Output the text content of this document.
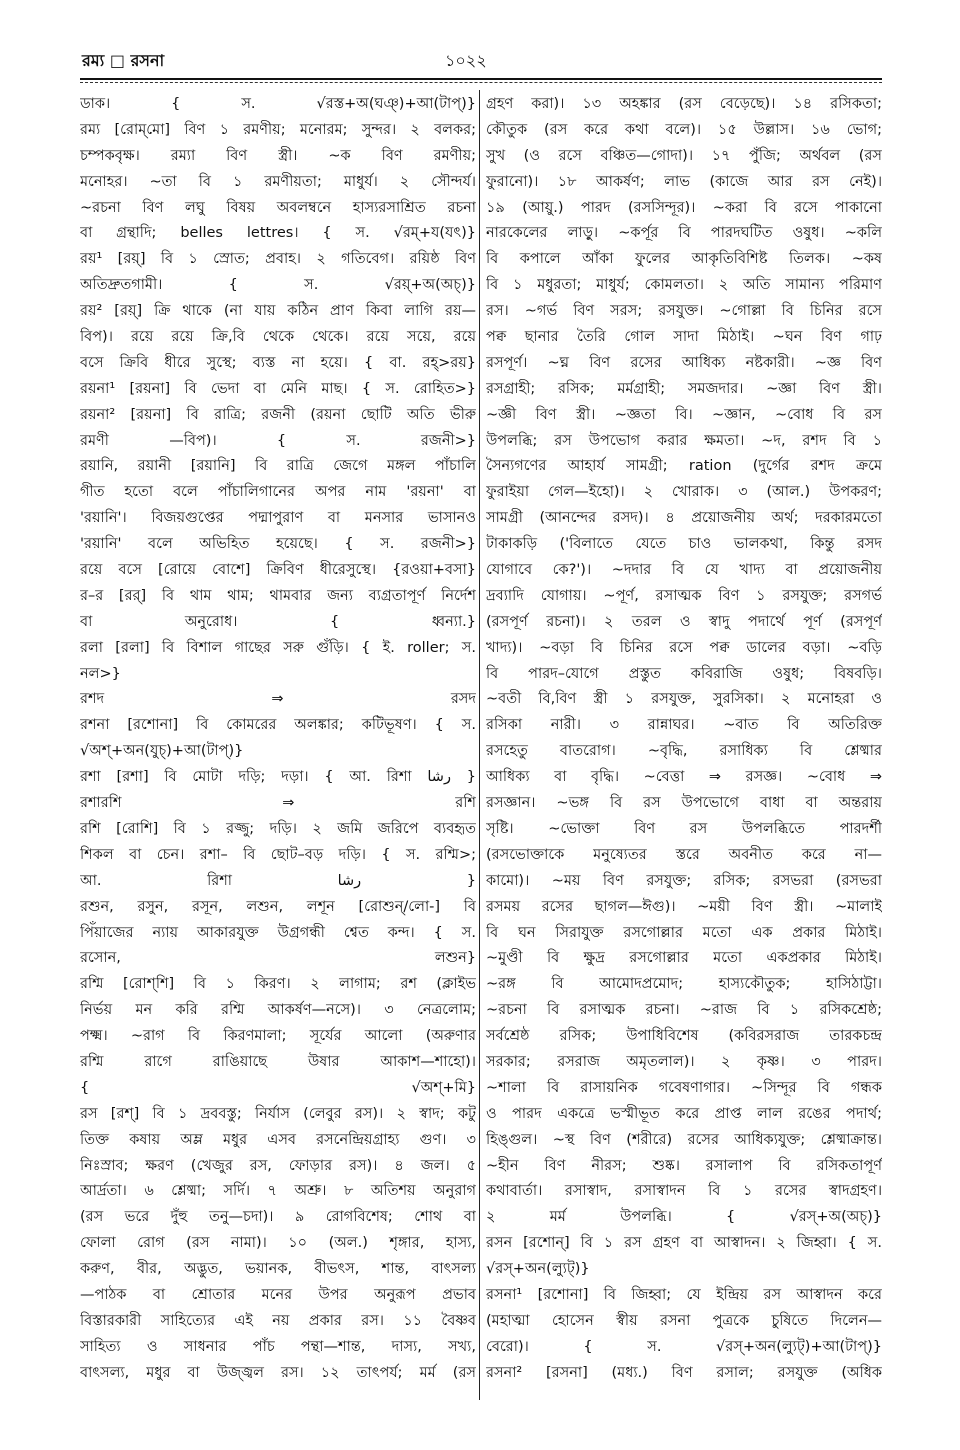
রম্য □ রসনা	১০২২
ডাক। { স. √রস্ত+অ(ঘঞ্)+আ(টাপ্)}
রম্য [রোম্‌মো] বিণ ১ রমণীয়; মনোরম; সুন্দর। ২ বলকর;
চম্পকবৃক্ষ। রম্যা বিণ স্ত্রী। ~ক বিণ রমণীয়;
মনোহর। ~তা বি ১ রমণীয়তা; মাধুর্য। ২ সৌন্দর্য।
~রচনা বিণ লঘু বিষয় অবলম্বনে হাস্যরসাশ্রিত রচনা
বা গ্রন্থাদি; belles lettres। { স. √রম্+য(যৎ)}
রয়¹ [রয়্] বি ১ স্রোত; প্রবাহ। ২ গতিবেগ। রয়িষ্ঠ বিণ
অতিদ্রুতগামী। { স. √রয়্+অ(অচ্)}
রয়² [রয়্] ক্রি থাকে (না যায় কঠিন প্রাণ কিবা লাগি রয়—
বিপ)। রয়ে রয়ে ক্রি,বি থেকে থেকে। রয়ে সয়ে, রয়ে
বসে ক্রিবি ধীরে সুস্থে; ব্যস্ত না হয়ে। { বা. রহ্>রয়}
রয়না¹ [রয়না] বি ভেদা বা মেনি মাছ। { স. রোহিত>}
রয়না² [রয়না] বি রাত্রি; রজনী (রয়না ছোটি অতি ভীরু
রমণী —বিপ)। { স. রজনী>}
রয়ানি, রয়ানী [রয়ানি] বি রাত্রি জেগে মঙ্গল পাঁচালি
গীত হতো বলে পাঁচালিগানের অপর নাম 'রয়না' বা
'রয়ানি'। বিজয়গুপ্তের পদ্মাপুরাণ বা মনসার ভাসানও
'রয়ানি' বলে অভিহিত হয়েছে। { স. রজনী>}
রয়ে বসে [রোয়ে বোশে] ক্রিবিণ ধীরেসুস্থে। {রওয়া+বসা}
র–র [রর্] বি থাম থাম; থামবার জন্য ব্যগ্রতাপূর্ণ নির্দেশ
বা অনুরোধ। { ধ্বন্যা.}
রলা [রলা] বি বিশাল গাছের সরু গুঁড়ি। { ই. roller; স.
নল>}
রশদ ⇒ রসদ
রশনা [রশোনা] বি কোমরের অলঙ্কার; কটিভূষণ। { স.
√অশ্+অন(যুচ্)+আ(টাপ্)}
রশা [রশা] বি মোটা দড়ি; দড়া। { আ. রিশা رشا }
রশারশি ⇒ রশি
রশি [রোশি] বি ১ রজ্জু; দড়ি। ২ জমি জরিপে ব্যবহৃত
শিকল বা চেন। রশা– বি ছোট–বড় দড়ি। { স. রশ্মি>;
আ. রিশা رشا }
রশুন, রসুন, রসূন, লশুন, লশূন [রোশুন্/লো-] বি
পিঁয়াজের ন্যায় আকারযুক্ত উগ্রগন্ধী শ্বেত কন্দ। { স.
রসোন, লশুন}
রশ্মি [রোশ্‌শি] বি ১ কিরণ। ২ লাগাম; রশ (ক্লাইভ
নির্ভয় মন করি রশ্মি আকর্ষণ—নসে)। ৩ নেত্রলোম;
পক্ষ্ম। ~রাগ বি কিরণমালা; সূর্যের আলো (অরুণার
রশ্মি রাগে রাঙিয়াছে উষার আকাশ—শাহো)।
{ √অশ্+মি}
রস [রশ্] বি ১ দ্রববস্তু; নির্যাস (লেবুর রস)। ২ স্বাদ; কটু
তিক্ত কষায় অম্ল মধুর এসব রসনেন্দ্রিয়গ্রাহ্য গুণ। ৩
নিঃস্রাব; ক্ষরণ (খেজুর রস, ফোড়ার রস)। ৪ জল। ৫
আর্দ্রতা। ৬ শ্লেষ্মা; সর্দি। ৭ অশ্রু। ৮ অতিশয় অনুরাগ
(রস ভরে দুঁহু তনু—চদা)। ৯ রোগবিশেষ; শোথ বা
ফোলা রোগ (রস নামা)। ১০ (অল.) শৃঙ্গার, হাস্য,
করুণ, বীর, অদ্ভুত, ভয়ানক, বীভৎস, শান্ত, বাৎসল্য
—পাঠক বা শ্রোতার মনের উপর অনুরূপ প্রভাব
বিস্তারকারী সাহিত্যের এই নয় প্রকার রস। ১১ বৈষ্ণব
সাহিত্য ও সাধনার পাঁচ পন্থা—শান্ত, দাস্য, সখ্য,
বাৎসল্য, মধুর বা উজ্জ্বল রস। ১২ তাৎপর্য; মর্ম (রস
গ্রহণ করা)। ১৩ অহঙ্কার (রস বেড়েছে)। ১৪ রসিকতা;
কৌতুক (রস করে কথা বলে)। ১৫ উল্লাস। ১৬ ভোগ;
সুখ (ও রসে বঞ্চিত—গোদা)। ১৭ পুঁজি; অর্থবল (রস
ফুরানো)। ১৮ আকর্ষণ; লাভ (কাজে আর রস নেই)।
১৯ (আয়ু.) পারদ (রসসিন্দূর)। ~করা বি রসে পাকানো
নারকেলের লাড়ু। ~কর্পূর বি পারদঘটিত ওষুধ। ~কলি
বি কপালে আঁকা ফুলের আকৃতিবিশিষ্ট তিলক। ~কষ
বি ১ মধুরতা; মাধুর্য; কোমলতা। ২ অতি সামান্য পরিমাণ
রস। ~গর্ভ বিণ সরস; রসযুক্ত। ~গোল্লা বি চিনির রসে
পক্ব ছানার তৈরি গোল সাদা মিঠাই। ~ঘন বিণ গাঢ়
রসপূর্ণ। ~ঘ্ন বিণ রসের আধিক্য নষ্টকারী। ~জ্ঞ বিণ
রসগ্রাহী; রসিক; মর্মগ্রাহী; সমজদার। ~জ্ঞা বিণ স্ত্রী।
~জ্ঞী বিণ স্ত্রী। ~জ্ঞতা বি। ~জ্ঞান, ~বোধ বি রস
উপলব্ধি; রস উপভোগ করার ক্ষমতা। ~দ, রশদ বি ১
সৈন্যগণের আহার্য সামগ্রী; ration (দুর্গের রশদ ক্রমে
ফুরাইয়া গেল—ইহো)। ২ খোরাক। ৩ (আল.) উপকরণ;
সামগ্রী (আনন্দের রসদ)। ৪ প্রয়োজনীয় অর্থ; দরকারমতো
টাকাকড়ি ('বিলাতে যেতে চাও ভালকথা, কিন্তু রসদ
যোগাবে কে?')। ~দদার বি যে খাদ্য বা প্রয়োজনীয়
দ্রব্যাদি যোগায়। ~পূর্ণ, রসাত্মক বিণ ১ রসযুক্ত; রসগর্ভ
(রসপূর্ণ রচনা)। ২ তরল ও স্বাদু পদার্থে পূর্ণ (রসপূর্ণ
খাদ্য)। ~বড়া বি চিনির রসে পক্ব ডালের বড়া। ~বড়ি
বি পারদ–যোগে প্রস্তুত কবিরাজি ওষুধ; বিষবড়ি।
~বতী বি,বিণ স্ত্রী ১ রসযুক্ত, সুরসিকা। ২ মনোহরা ও
রসিকা নারী। ৩ রান্নাঘর। ~বাত বি অতিরিক্ত
রসহেতু বাতরোগ। ~বৃদ্ধি, রসাধিক্য বি শ্লেষ্মার
আধিক্য বা বৃদ্ধি। ~বেত্তা ⇒ রসজ্ঞ। ~বোধ ⇒
রসজ্ঞান। ~ভঙ্গ বি রস উপভোগে বাধা বা অন্তরায়
সৃষ্টি। ~ভোক্তা বিণ রস উপলব্ধিতে পারদর্শী
(রসভোক্তাকে মনুষ্যেতর স্তরে অবনীত করে না—
কামো)। ~ময় বিণ রসযুক্ত; রসিক; রসভরা (রসভরা
রসময় রসের ছাগল—ঈগু)। ~ময়ী বিণ স্ত্রী। ~মালাই
বি ঘন সিরাযুক্ত রসগোল্লার মতো এক প্রকার মিঠাই।
~মুণ্ডী বি ক্ষুদ্র রসগোল্লার মতো একপ্রকার মিঠাই।
~রঙ্গ বি আমোদপ্রমোদ; হাস্যকৌতুক; হাসিঠাট্টা।
~রচনা বি রসাত্মক রচনা। ~রাজ বি ১ রসিকশ্রেষ্ঠ;
সর্বশ্রেষ্ঠ রসিক; উপাধিবিশেষ (কবিরসরাজ তারকচন্দ্র
সরকার; রসরাজ অমৃতলাল)। ২ কৃষ্ণ। ৩ পারদ।
~শালা বি রাসায়নিক গবেষণাগার। ~সিন্দূর বি গন্ধক
ও পারদ একত্রে ভস্মীভূত করে প্রাপ্ত লাল রঙের পদার্থ;
হিঙ্গুল। ~স্থ বিণ (শরীরে) রসের আধিক্যযুক্ত; শ্লেষ্মাক্রান্ত।
~হীন বিণ নীরস; শুষ্ক। রসালাপ বি রসিকতাপূর্ণ
কথাবার্তা। রসাস্বাদ, রসাস্বাদন বি ১ রসের স্বাদগ্রহণ।
২ মর্ম উপলব্ধি। { √রস্+অ(অচ্)}
রসন [রশোন্] বি ১ রস গ্রহণ বা আস্বাদন। ২ জিহ্বা। { স.
√রস্+অন(ল্যুট্)}
রসনা¹ [রশোনা] বি জিহ্বা; যে ইন্দ্রিয় রস আস্বাদন করে
(মহাত্মা হোসেন স্বীয় রসনা পুত্রকে চুষিতে দিলেন—
বেরো)। { স. √রস্+অন(ল্যুট্)+আ(টাপ্)}
রসনা² [রসনা] (মধ্য.) বিণ রসাল; রসযুক্ত (অধিক
